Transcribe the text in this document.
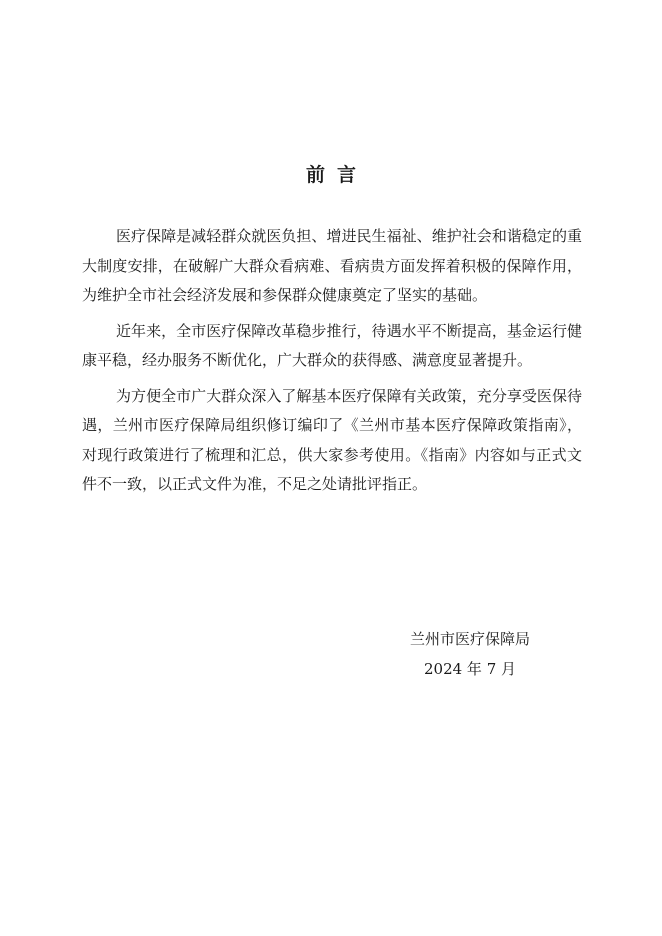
前言

医疗保障是减轻群众就医负担、增进民生福祉、维护社会和谐稳定的重大制度安排，在破解广大群众看病难、看病贵方面发挥着积极的保障作用，为维护全市社会经济发展和参保群众健康奠定了坚实的基础。

近年来，全市医疗保障改革稳步推行，待遇水平不断提高，基金运行健康平稳，经办服务不断优化，广大群众的获得感、满意度显著提升。

为方便全市广大群众深入了解基本医疗保障有关政策，充分享受医保待遇，兰州市医疗保障局组织修订编印了《兰州市基本医疗保障政策指南》，对现行政策进行了梳理和汇总，供大家参考使用。《指南》内容如与正式文件不一致，以正式文件为准，不足之处请批评指正。

兰州市医疗保障局

2024 年 7 月
